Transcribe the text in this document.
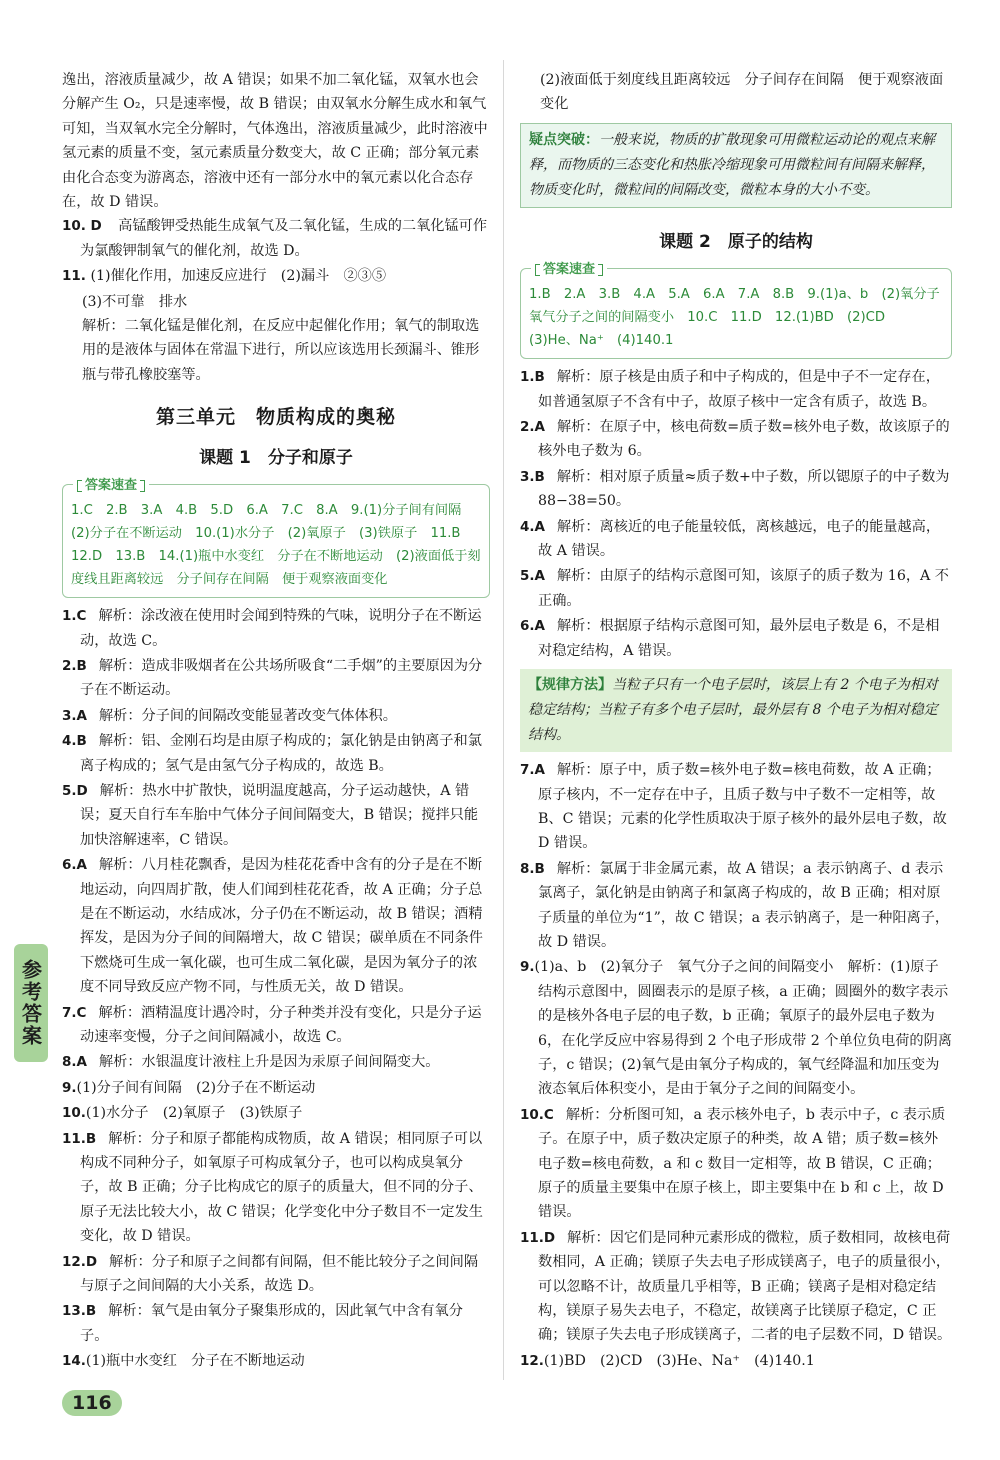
逸出，溶液质量减少，故 A 错误；如果不加二氧化锰，双氧水也会分解产生 O₂，只是速率慢，故 B 错误；由双氧水分解生成水和氧气可知，当双氧水完全分解时，气体逸出，溶液质量减少，此时溶液中氢元素的质量不变，氢元素质量分数变大，故 C 正确；部分氧元素由化合态变为游离态，溶液中还有一部分水中的氧元素以化合态存在，故 D 错误。
10. D 高锰酸钾受热能生成氧气及二氧化锰，生成的二氧化锰可作为氯酸钾制氧气的催化剂，故选 D。
11. (1)催化作用，加速反应进行　(2)漏斗　②③⑤
(3)不可靠　排水
解析：二氧化锰是催化剂，在反应中起催化作用；氧气的制取选用的是液体与固体在常温下进行，所以应该选用长颈漏斗、锥形瓶与带孔橡胶塞等。
第三单元　物质构成的奥秘
课题 1　分子和原子
答案速查
1.C　2.B　3.A　4.B　5.D　6.A　7.C　8.A　9.(1)分子间有间隔　(2)分子在不断运动　10.(1)水分子　(2)氧原子　(3)铁原子　11.B　12.D　13.B　14.(1)瓶中水变红　分子在不断地运动　(2)液面低于刻度线且距离较远　分子间存在间隔　便于观察液面变化
1.C 解析：涂改液在使用时会闻到特殊的气味，说明分子在不断运动，故选 C。
2.B 解析：造成非吸烟者在公共场所吸食“二手烟”的主要原因为分子在不断运动。
3.A 解析：分子间的间隔改变能显著改变气体体积。
4.B 解析：铝、金刚石均是由原子构成的；氯化钠是由钠离子和氯离子构成的；氢气是由氢气分子构成的，故选 B。
5.D 解析：热水中扩散快，说明温度越高，分子运动越快，A 错误；夏天自行车车胎中气体分子间间隔变大，B 错误；搅拌只能加快溶解速率，C 错误。
6.A 解析：八月桂花飘香，是因为桂花花香中含有的分子是在不断地运动，向四周扩散，使人们闻到桂花花香，故 A 正确；分子总是在不断运动，水结成冰，分子仍在不断运动，故 B 错误；酒精挥发，是因为分子间的间隔增大，故 C 错误；碳单质在不同条件下燃烧可生成一氧化碳，也可生成二氧化碳，是因为氧分子的浓度不同导致反应产物不同，与性质无关，故 D 错误。
7.C 解析：酒精温度计遇冷时，分子种类并没有变化，只是分子运动速率变慢，分子之间间隔减小，故选 C。
8.A 解析：水银温度计液柱上升是因为汞原子间间隔变大。
9.(1)分子间有间隔　(2)分子在不断运动
10.(1)水分子　(2)氧原子　(3)铁原子
11.B 解析：分子和原子都能构成物质，故 A 错误；相同原子可以构成不同种分子，如氧原子可构成氧分子，也可以构成臭氧分子，故 B 正确；分子比构成它的原子的质量大，但不同的分子、原子无法比较大小，故 C 错误；化学变化中分子数目不一定发生变化，故 D 错误。
12.D 解析：分子和原子之间都有间隔，但不能比较分子之间间隔与原子之间间隔的大小关系，故选 D。
13.B 解析：氧气是由氧分子聚集形成的，因此氧气中含有氧分子。
14.(1)瓶中水变红　分子在不断地运动
(2)液面低于刻度线且距离较远　分子间存在间隔　便于观察液面变化
疑点突破：一般来说，物质的扩散现象可用微粒运动论的观点来解释，而物质的三态变化和热胀冷缩现象可用微粒间有间隔来解释，物质变化时，微粒间的间隔改变，微粒本身的大小不变。
课题 2　原子的结构
答案速查
1.B　2.A　3.B　4.A　5.A　6.A　7.A　8.B　9.(1)a、b　(2)氧分子　氧气分子之间的间隔变小　10.C　11.D　12.(1)BD　(2)CD　(3)He、Na⁺　(4)140.1
1.B 解析：原子核是由质子和中子构成的，但是中子不一定存在，如普通氢原子不含有中子，故原子核中一定含有质子，故选 B。
2.A 解析：在原子中，核电荷数=质子数=核外电子数，故该原子的核外电子数为 6。
3.B 解析：相对原子质量≈质子数+中子数，所以锶原子的中子数为 88−38=50。
4.A 解析：离核近的电子能量较低，离核越远，电子的能量越高，故 A 错误。
5.A 解析：由原子的结构示意图可知，该原子的质子数为 16，A 不正确。
6.A 解析：根据原子结构示意图可知，最外层电子数是 6，不是相对稳定结构，A 错误。
【规律方法】当粒子只有一个电子层时，该层上有 2 个电子为相对稳定结构；当粒子有多个电子层时，最外层有 8 个电子为相对稳定结构。
7.A 解析：原子中，质子数=核外电子数=核电荷数，故 A 正确；原子核内，不一定存在中子，且质子数与中子数不一定相等，故 B、C 错误；元素的化学性质取决于原子核外的最外层电子数，故 D 错误。
8.B 解析：氯属于非金属元素，故 A 错误；a 表示钠离子、d 表示氯离子，氯化钠是由钠离子和氯离子构成的，故 B 正确；相对原子质量的单位为“1”，故 C 错误；a 表示钠离子，是一种阳离子，故 D 错误。
9.(1)a、b　(2)氧分子　氧气分子之间的间隔变小　解析：(1)原子结构示意图中，圆圈表示的是原子核，a 正确；圆圈外的数字表示的是核外各电子层的电子数，b 正确；氧原子的最外层电子数为 6，在化学反应中容易得到 2 个电子形成带 2 个单位负电荷的阴离子，c 错误；(2)氧气是由氧分子构成的，氧气经降温和加压变为液态氧后体积变小，是由于氧分子之间的间隔变小。
10.C 解析：分析图可知，a 表示核外电子，b 表示中子，c 表示质子。在原子中，质子数决定原子的种类，故 A 错；质子数=核外电子数=核电荷数，a 和 c 数目一定相等，故 B 错误，C 正确；原子的质量主要集中在原子核上，即主要集中在 b 和 c 上，故 D 错误。
11.D 解析：因它们是同种元素形成的微粒，质子数相同，故核电荷数相同，A 正确；镁原子失去电子形成镁离子，电子的质量很小，可以忽略不计，故质量几乎相等，B 正确；镁离子是相对稳定结构，镁原子易失去电子，不稳定，故镁离子比镁原子稳定，C 正确；镁原子失去电子形成镁离子，二者的电子层数不同，D 错误。
12.(1)BD　(2)CD　(3)He、Na⁺　(4)140.1
参考答案
116
